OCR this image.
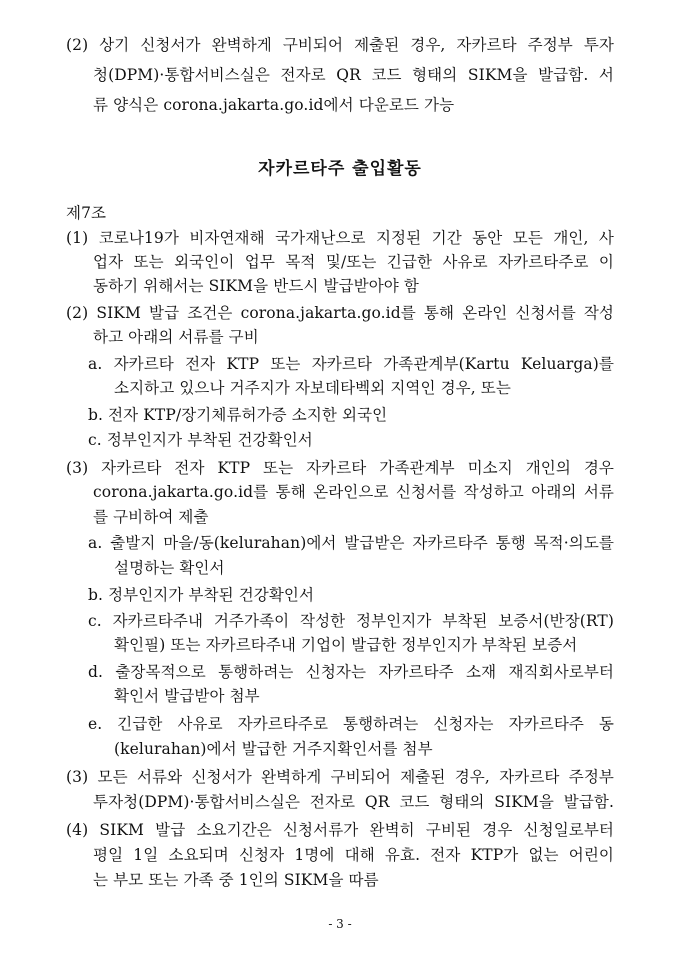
(2) 상기 신청서가 완벽하게 구비되어 제출된 경우, 자카르타 주정부 투자
청(DPM)·통합서비스실은 전자로 QR 코드 형태의 SIKM을 발급함. 서
류 양식은 corona.jakarta.go.id에서 다운로드 가능
자카르타주 출입활동
제7조
(1) 코로나19가 비자연재해 국가재난으로 지정된 기간 동안 모든 개인, 사
업자 또는 외국인이 업무 목적 및/또는 긴급한 사유로 자카르타주로 이
동하기 위해서는 SIKM을 반드시 발급받아야 함
(2) SIKM 발급 조건은 corona.jakarta.go.id를 통해 온라인 신청서를 작성
하고 아래의 서류를 구비
a. 자카르타 전자 KTP 또는 자카르타 가족관계부(Kartu Keluarga)를
소지하고 있으나 거주지가 자보데타벡외 지역인 경우, 또는
b. 전자 KTP/장기체류허가증 소지한 외국인
c. 정부인지가 부착된 건강확인서
(3) 자카르타 전자 KTP 또는 자카르타 가족관계부 미소지 개인의 경우
corona.jakarta.go.id를 통해 온라인으로 신청서를 작성하고 아래의 서류
를 구비하여 제출
a. 출발지 마을/동(kelurahan)에서 발급받은 자카르타주 통행 목적·의도를
설명하는 확인서
b. 정부인지가 부착된 건강확인서
c. 자카르타주내 거주가족이 작성한 정부인지가 부착된 보증서(반장(RT)
확인필) 또는 자카르타주내 기업이 발급한 정부인지가 부착된 보증서
d. 출장목적으로 통행하려는 신청자는 자카르타주 소재 재직회사로부터
확인서 발급받아 첨부
e. 긴급한 사유로 자카르타주로 통행하려는 신청자는 자카르타주 동
(kelurahan)에서 발급한 거주지확인서를 첨부
(3) 모든 서류와 신청서가 완벽하게 구비되어 제출된 경우, 자카르타 주정부
투자청(DPM)·통합서비스실은 전자로 QR 코드 형태의 SIKM을 발급함.
(4) SIKM 발급 소요기간은 신청서류가 완벽히 구비된 경우 신청일로부터
평일 1일 소요되며 신청자 1명에 대해 유효. 전자 KTP가 없는 어린이
는 부모 또는 가족 중 1인의 SIKM을 따름
- 3 -
